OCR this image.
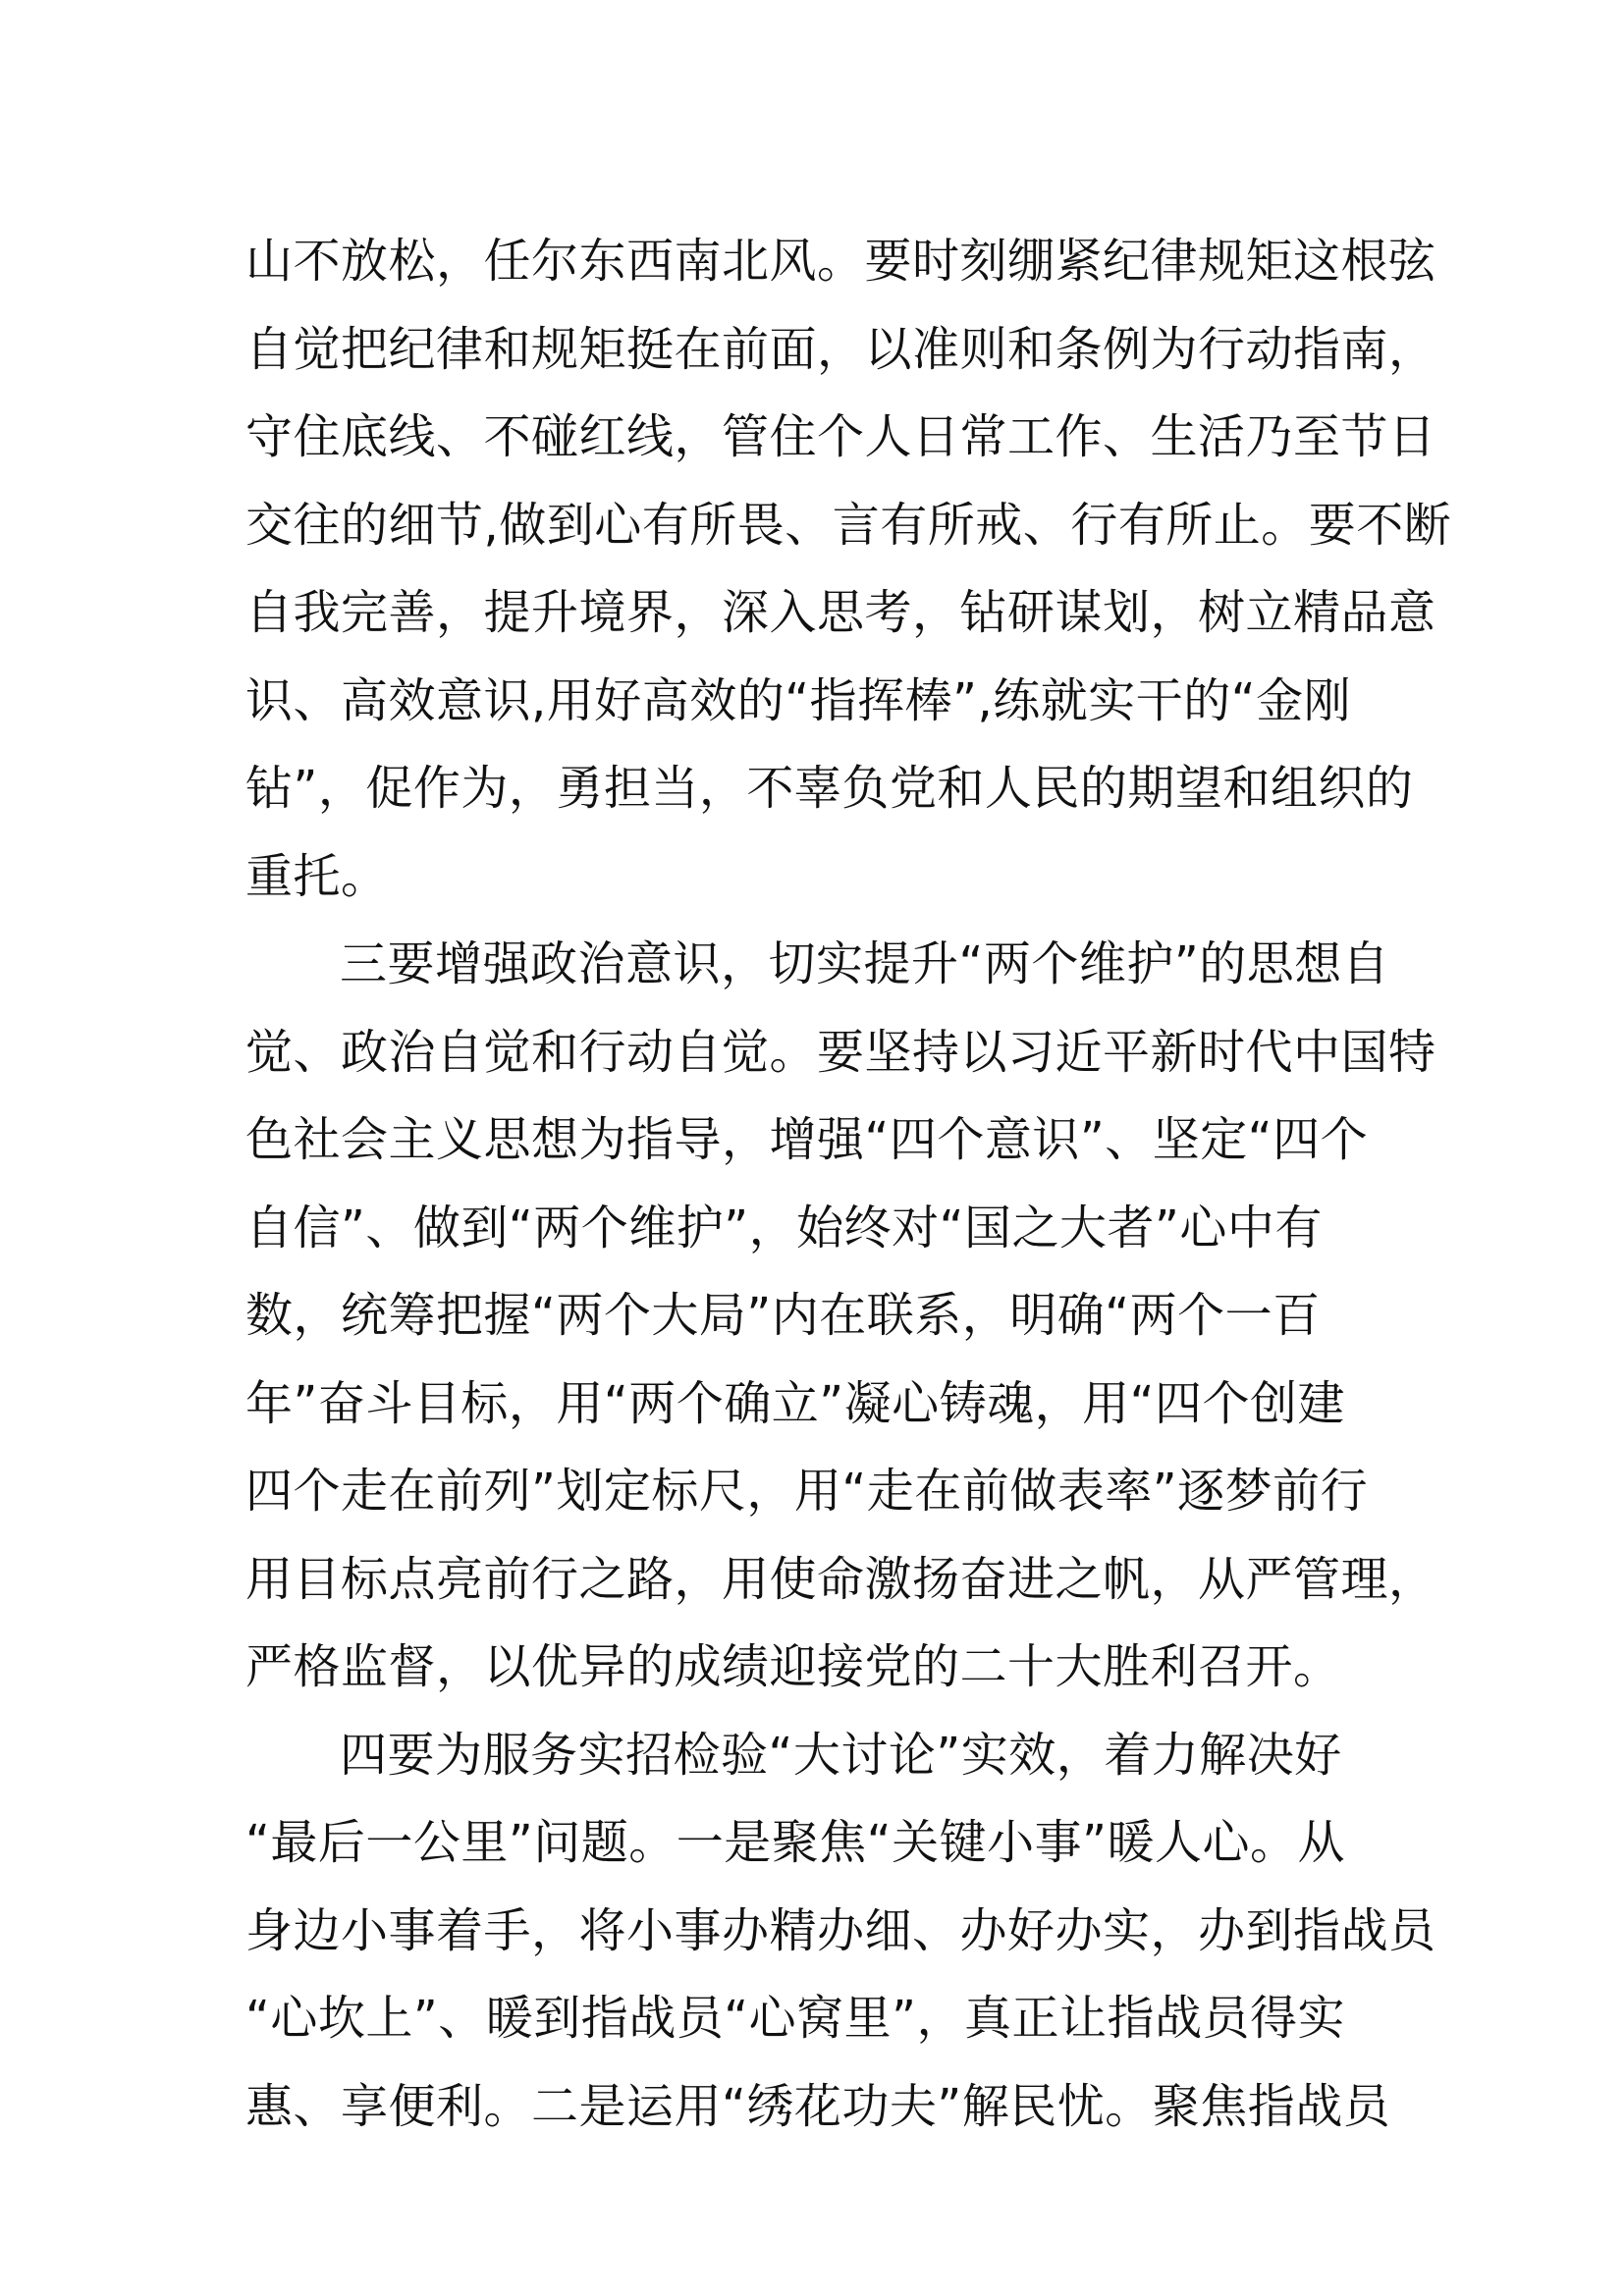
山不放松，任尔东西南北风。要时刻绷紧纪律规矩这根弦
自觉把纪律和规矩挺在前面，以准则和条例为行动指南，
守住底线、不碰红线，管住个人日常工作、生活乃至节日
交往的细节,做到心有所畏、言有所戒、行有所止。要不断
自我完善，提升境界，深入思考，钻研谋划，树立精品意
识、高效意识,用好高效的“指挥棒”,练就实干的“金刚
钻”，促作为，勇担当，不辜负党和人民的期望和组织的
重托。
三要增强政治意识，切实提升“两个维护”的思想自
觉、政治自觉和行动自觉。要坚持以习近平新时代中国特
色社会主义思想为指导，增强“四个意识”、坚定“四个
自信”、做到“两个维护”，始终对“国之大者”心中有
数，统筹把握“两个大局”内在联系，明确“两个一百
年”奋斗目标，用“两个确立”凝心铸魂，用“四个创建
四个走在前列”划定标尺，用“走在前做表率”逐梦前行
用目标点亮前行之路，用使命激扬奋进之帆，从严管理，
严格监督，以优异的成绩迎接党的二十大胜利召开。
四要为服务实招检验“大讨论”实效，着力解决好
“最后一公里”问题。一是聚焦“关键小事”暖人心。从
身边小事着手，将小事办精办细、办好办实，办到指战员
“心坎上”、暖到指战员“心窝里”，真正让指战员得实
惠、享便利。二是运用“绣花功夫”解民忧。聚焦指战员
